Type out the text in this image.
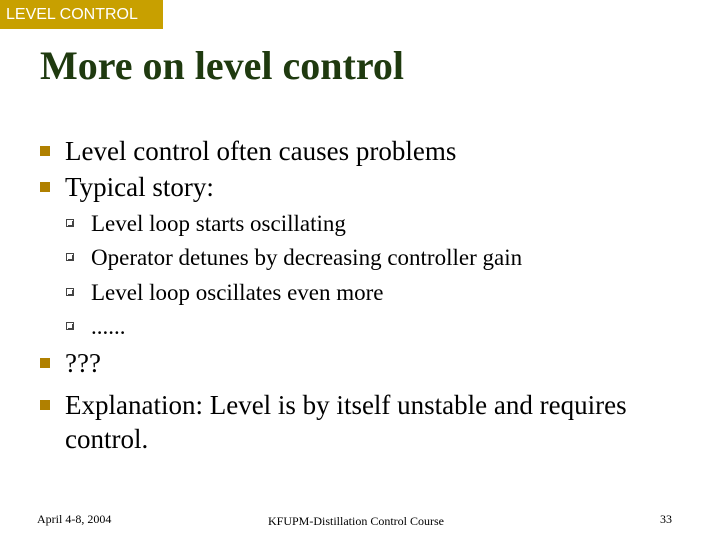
LEVEL CONTROL
More on level control
Level control often causes problems
Typical story:
Level loop starts oscillating
Operator detunes by decreasing controller gain
Level loop oscillates even more
......
???
Explanation: Level is by itself unstable and requires
control.
April 4-8, 2004	KFUPM-Distillation Control Course	33
